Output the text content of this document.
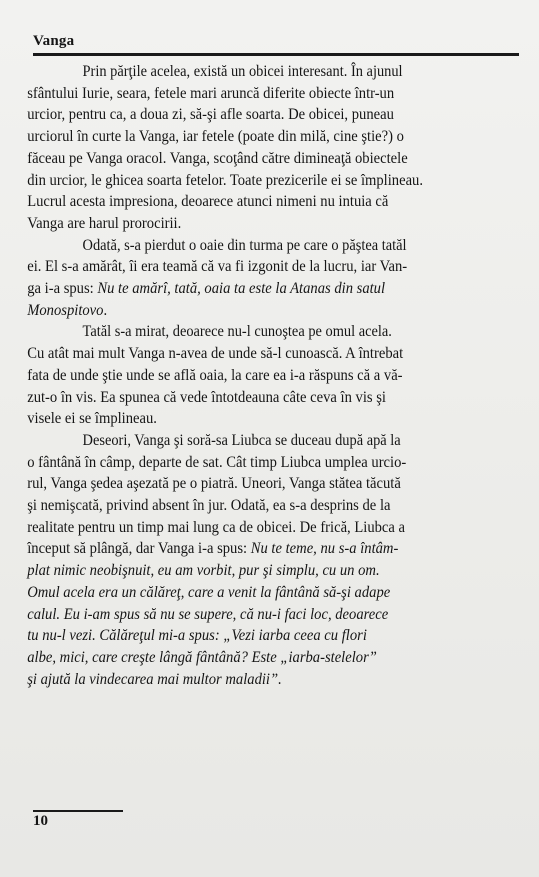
Vanga

Prin părţile acelea, există un obicei interesant. În ajunul
sfântului Iurie, seara, fetele mari aruncă diferite obiecte într-un
urcior, pentru ca, a doua zi, să-şi afle soarta. De obicei, puneau
urciorul în curte la Vanga, iar fetele (poate din milă, cine ştie?) o
făceau pe Vanga oracol. Vanga, scoţând către dimineaţă obiectele
din urcior, le ghicea soarta fetelor. Toate prezicerile ei se împlineau.
Lucrul acesta impresiona, deoarece atunci nimeni nu intuia că
Vanga are harul prorocirii.

Odată, s-a pierdut o oaie din turma pe care o păştea tatăl
ei. El s-a amărât, îi era teamă că va fi izgonit de la lucru, iar Van-
ga i-a spus: Nu te amărî, tată, oaia ta este la Atanas din satul
Monospitovo.

Tatăl s-a mirat, deoarece nu-l cunoştea pe omul acela.
Cu atât mai mult Vanga n-avea de unde să-l cunoască. A întrebat
fata de unde ştie unde se află oaia, la care ea i-a răspuns că a vă-
zut-o în vis. Ea spunea că vede întotdeauna câte ceva în vis şi
visele ei se împlineau.

Deseori, Vanga şi soră-sa Liubca se duceau după apă la
o fântână în câmp, departe de sat. Cât timp Liubca umplea urcio-
rul, Vanga şedea aşezată pe o piatră. Uneori, Vanga stătea tăcută
şi nemişcată, privind absent în jur. Odată, ea s-a desprins de la
realitate pentru un timp mai lung ca de obicei. De frică, Liubca a
început să plângă, dar Vanga i-a spus: Nu te teme, nu s-a întâm-
plat nimic neobişnuit, eu am vorbit, pur şi simplu, cu un om.
Omul acela era un călăreţ, care a venit la fântână să-şi adape
calul. Eu i-am spus să nu se supere, că nu-i faci loc, deoarece
tu nu-l vezi. Călăreţul mi-a spus: „Vezi iarba ceea cu flori
albe, mici, care creşte lângă fântână? Este „iarba-stelelor”
şi ajută la vindecarea mai multor maladii”.

10
